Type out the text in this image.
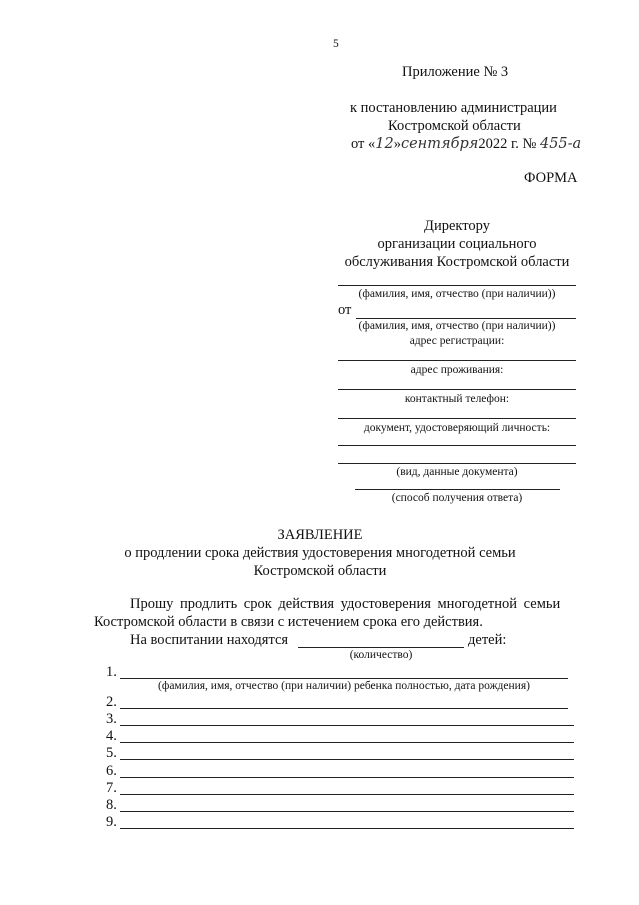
5
Приложение № 3
к постановлению администрации
Костромской области
от «12»сентября2022 г. № 455-а
ФОРМА
Директору
организации социального
обслуживания Костромской области
(фамилия, имя, отчество (при наличии))
от
(фамилия, имя, отчество (при наличии))
адрес регистрации:
адрес проживания:
контактный телефон:
документ, удостоверяющий личность:
(вид, данные документа)
(способ получения ответа)
ЗАЯВЛЕНИЕ
о продлении срока действия удостоверения многодетной семьи
Костромской области
Прошу продлить срок действия удостоверения многодетной семьи
Костромской области в связи с истечением срока его действия.
На воспитании находятся	детей:
(количество)
1.
(фамилия, имя, отчество (при наличии) ребенка полностью, дата рождения)
2.
3.
4.
5.
6.
7.
8.
9.
